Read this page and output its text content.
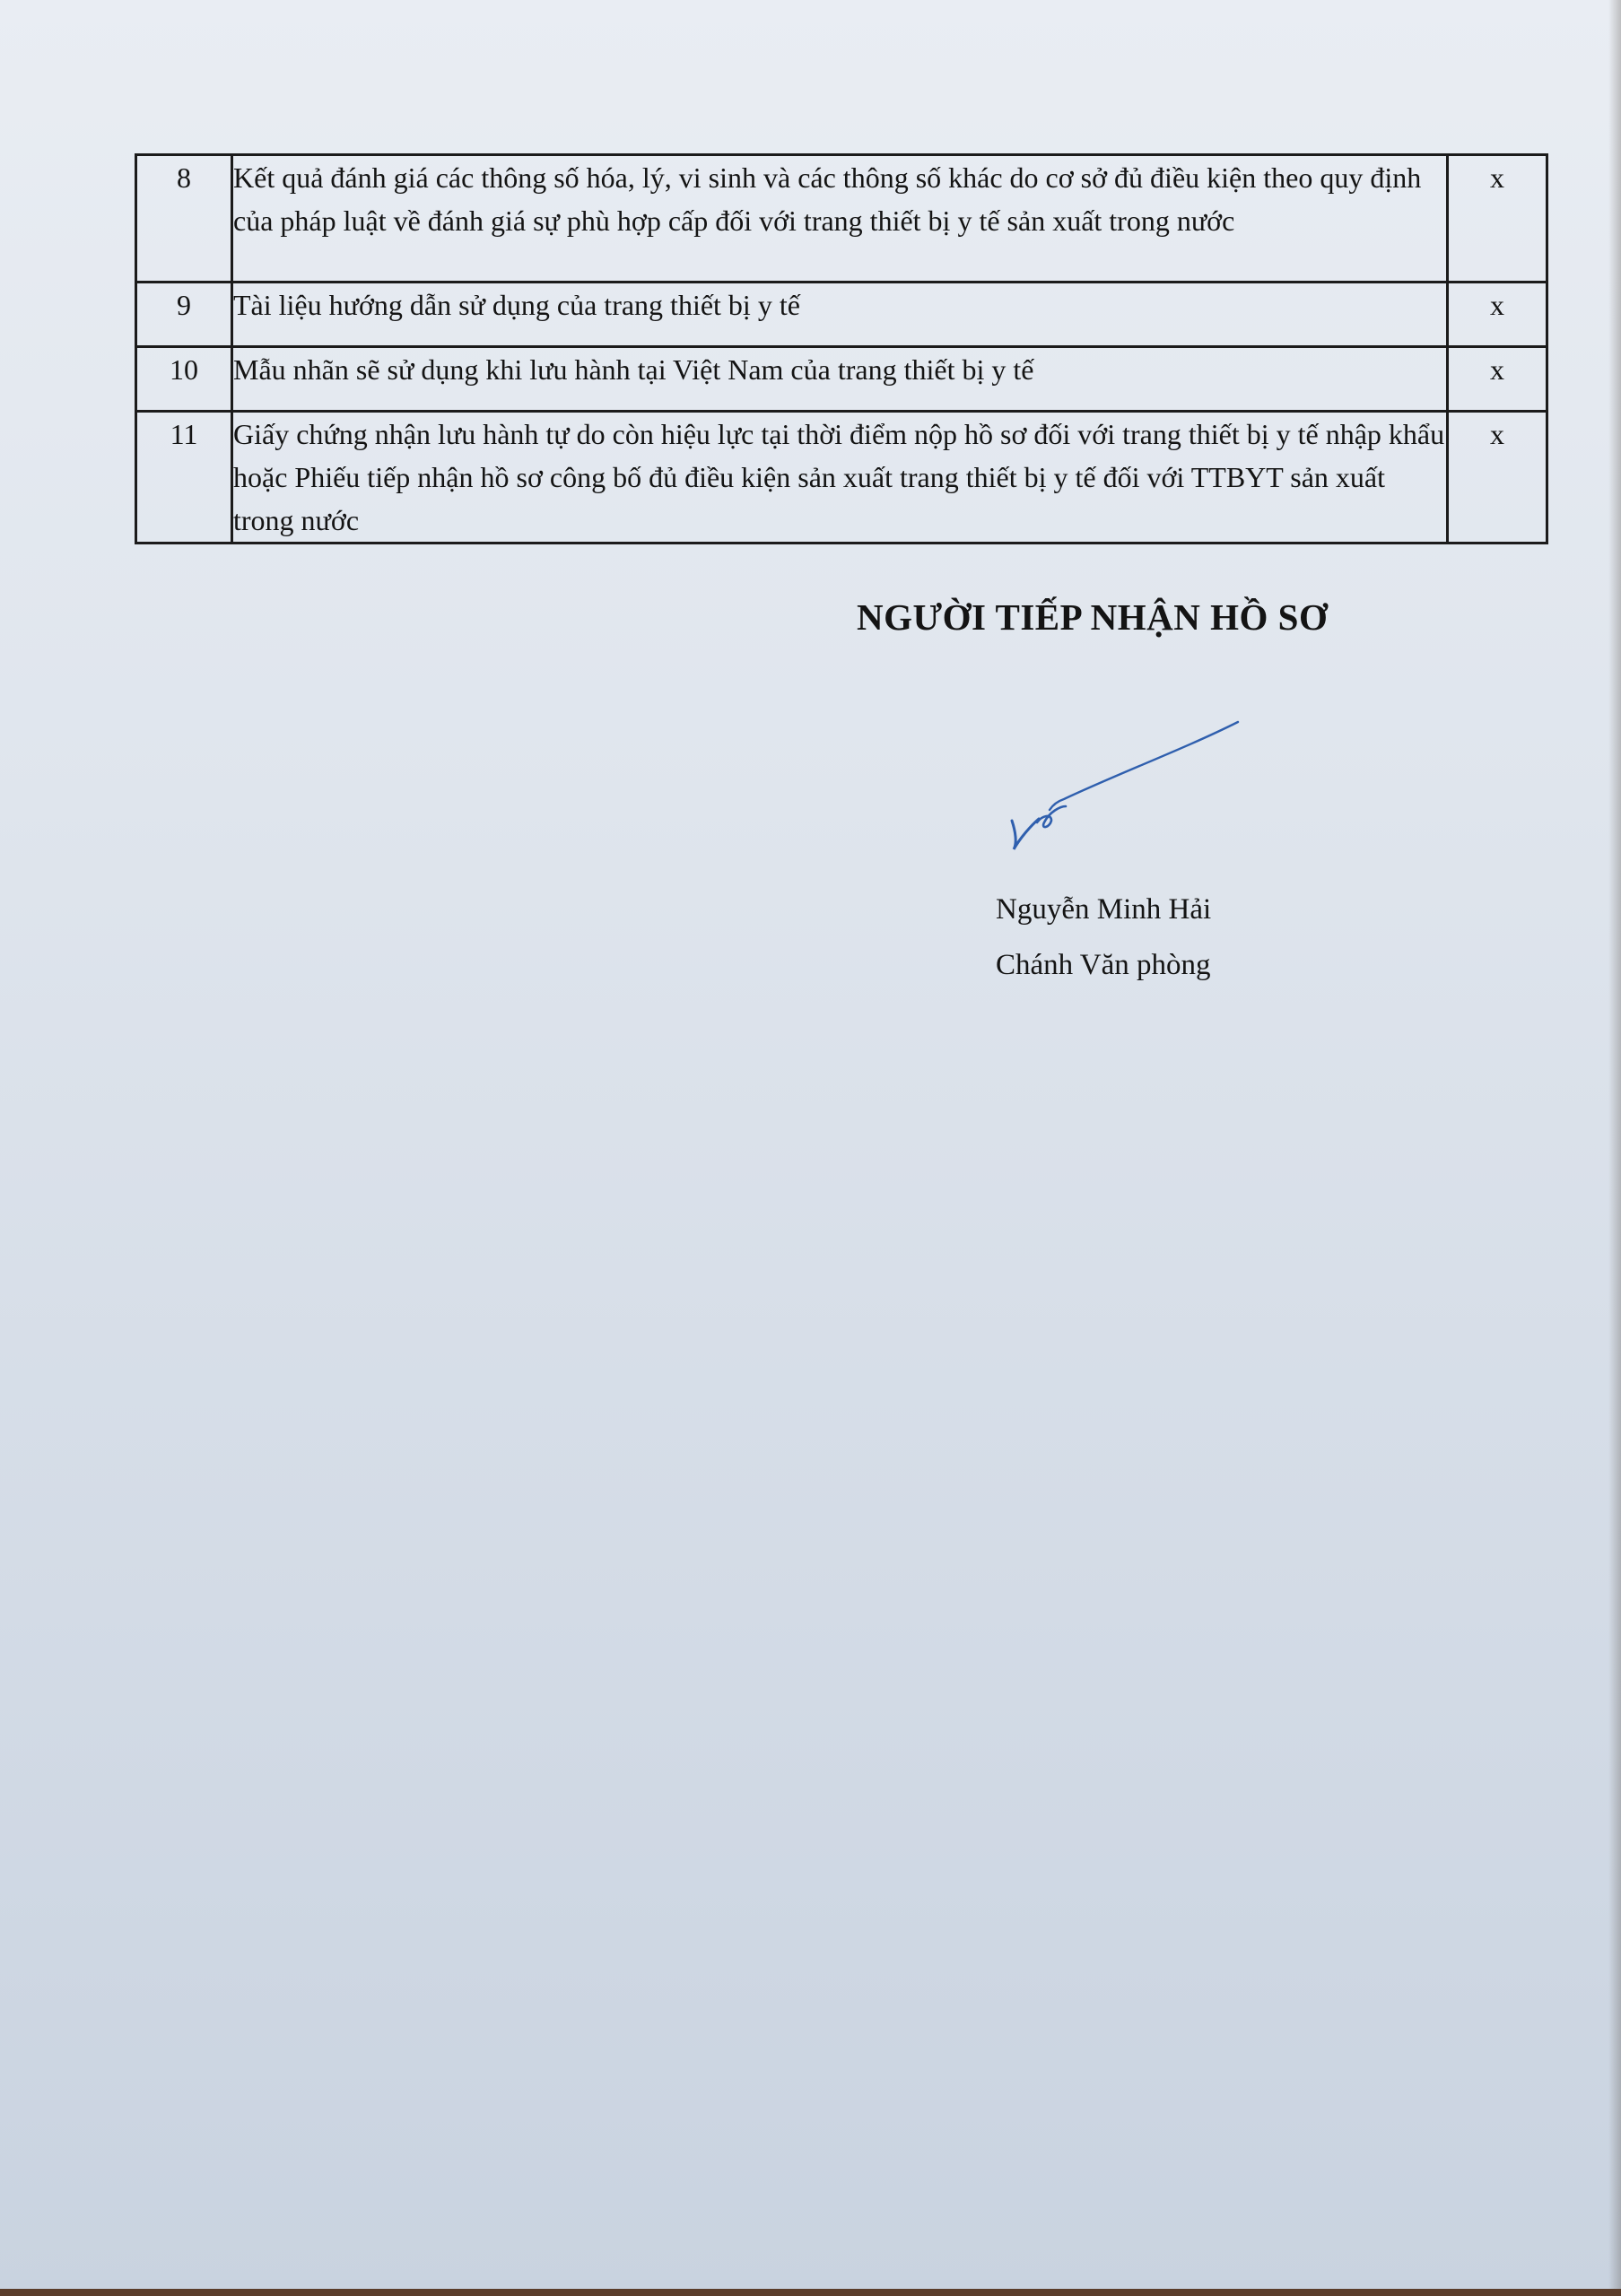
8	Kết quả đánh giá các thông số hóa, lý, vi sinh và các thông số khác do cơ sở đủ điều kiện theo quy định của pháp luật về đánh giá sự phù hợp cấp đối với trang thiết bị y tế sản xuất trong nước	x
9	Tài liệu hướng dẫn sử dụng của trang thiết bị y tế	x
10	Mẫu nhãn sẽ sử dụng khi lưu hành tại Việt Nam của trang thiết bị y tế	x
11	Giấy chứng nhận lưu hành tự do còn hiệu lực tại thời điểm nộp hồ sơ đối với trang thiết bị y tế nhập khẩu hoặc Phiếu tiếp nhận hồ sơ công bố đủ điều kiện sản xuất trang thiết bị y tế đối với TTBYT sản xuất trong nước	x
NGƯỜI TIẾP NHẬN HỒ SƠ
Nguyễn Minh Hải
Chánh Văn phòng
